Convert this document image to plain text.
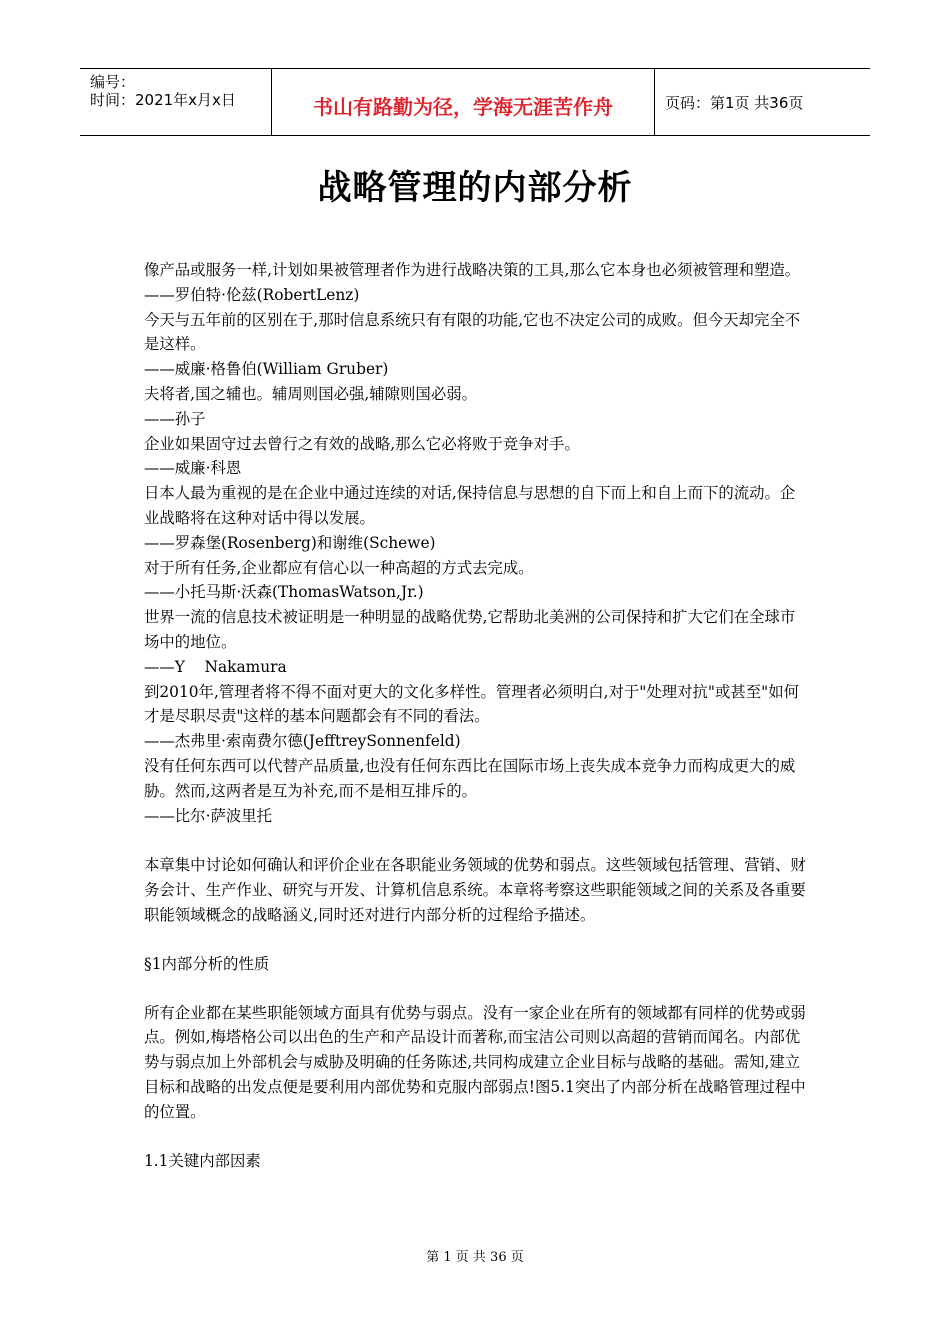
编号：
时间：2021年x月x日	书山有路勤为径，学海无涯苦作舟	页码：第1页 共36页
战略管理的内部分析

像产品或服务一样,计划如果被管理者作为进行战略决策的工具,那么它本身也必须被管理和塑造。

——罗伯特·伦兹(RobertLenz)

今天与五年前的区别在于,那时信息系统只有有限的功能,它也不决定公司的成败。但今天却完全不是这样。

——威廉·格鲁伯(William Gruber)

夫将者,国之辅也。辅周则国必强,辅隙则国必弱。

——孙子

企业如果固守过去曾行之有效的战略,那么它必将败于竞争对手。

——威廉·科恩

日本人最为重视的是在企业中通过连续的对话,保持信息与思想的自下而上和自上而下的流动。企业战略将在这种对话中得以发展。

——罗森堡(Rosenberg)和谢维(Schewe)

对于所有任务,企业都应有信心以一种高超的方式去完成。

——小托马斯·沃森(ThomasWatson,Jr.)

世界一流的信息技术被证明是一种明显的战略优势,它帮助北美洲的公司保持和扩大它们在全球市场中的地位。

——Y    Nakamura

到2010年,管理者将不得不面对更大的文化多样性。管理者必须明白,对于"处理对抗"或甚至"如何才是尽职尽责"这样的基本问题都会有不同的看法。

——杰弗里·索南费尔德(JefftreySonnenfeld)

没有任何东西可以代替产品质量,也没有任何东西比在国际市场上丧失成本竞争力而构成更大的威胁。然而,这两者是互为补充,而不是相互排斥的。

——比尔·萨波里托

本章集中讨论如何确认和评价企业在各职能业务领域的优势和弱点。这些领域包括管理、营销、财务会计、生产作业、研究与开发、计算机信息系统。本章将考察这些职能领域之间的关系及各重要职能领域概念的战略涵义,同时还对进行内部分析的过程给予描述。

§1内部分析的性质

所有企业都在某些职能领域方面具有优势与弱点。没有一家企业在所有的领域都有同样的优势或弱点。例如,梅塔格公司以出色的生产和产品设计而著称,而宝洁公司则以高超的营销而闻名。内部优势与弱点加上外部机会与威胁及明确的任务陈述,共同构成建立企业目标与战略的基础。需知,建立目标和战略的出发点便是要利用内部优势和克服内部弱点!图5.1突出了内部分析在战略管理过程中的位置。

1.1关键内部因素

第 1 页 共 36 页
